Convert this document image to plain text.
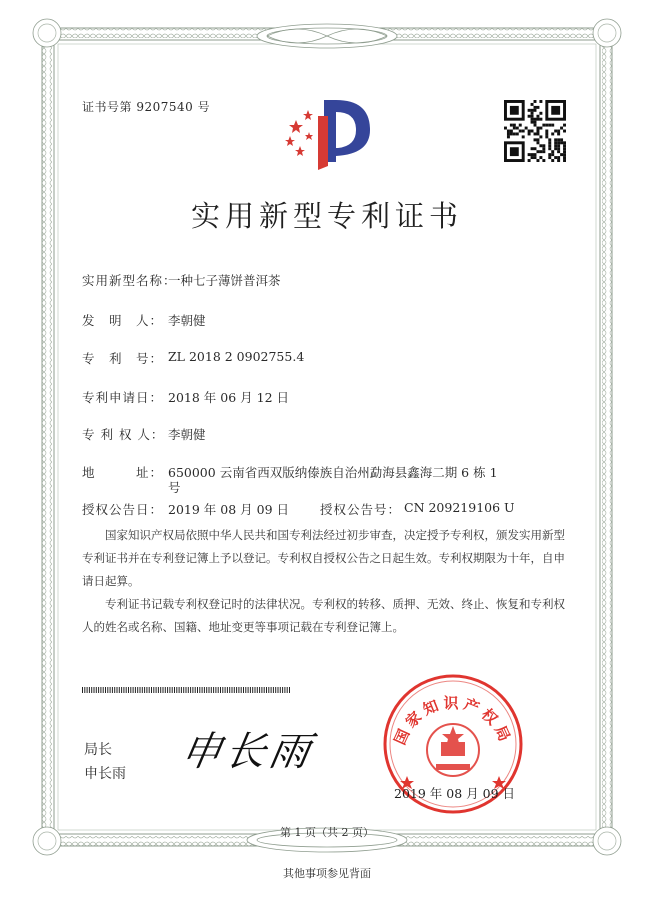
证书号第 9207540 号
实用新型专利证书
实用新型名称：
一种七子薄饼普洱茶
发　明　人： 李朝健
专　利　号： ZL 2018 2 0902755.4
专利申请日： 2018 年 06 月 12 日
专 利 权 人： 李朝健
地　　　址： 650000 云南省西双版纳傣族自治州勐海县鑫海二期 6 栋 1
号
授权公告日： 2019 年 08 月 09 日 授权公告号： CN 209219106 U

国家知识产权局依照中华人民共和国专利法经过初步审查，决定授予专利权，颁发实用新型专利证书并在专利登记簿上予以登记。专利权自授权公告之日起生效。专利权期限为十年，自申请日起算。

专利证书记载专利权登记时的法律状况。专利权的转移、质押、无效、终止、恢复和专利权人的姓名或名称、国籍、地址变更等事项记载在专利登记簿上。

局长
申长雨 申长雨	国家知识产权局
2019 年 08 月 09 日
第 1 页（共 2 页）
其他事项参见背面
